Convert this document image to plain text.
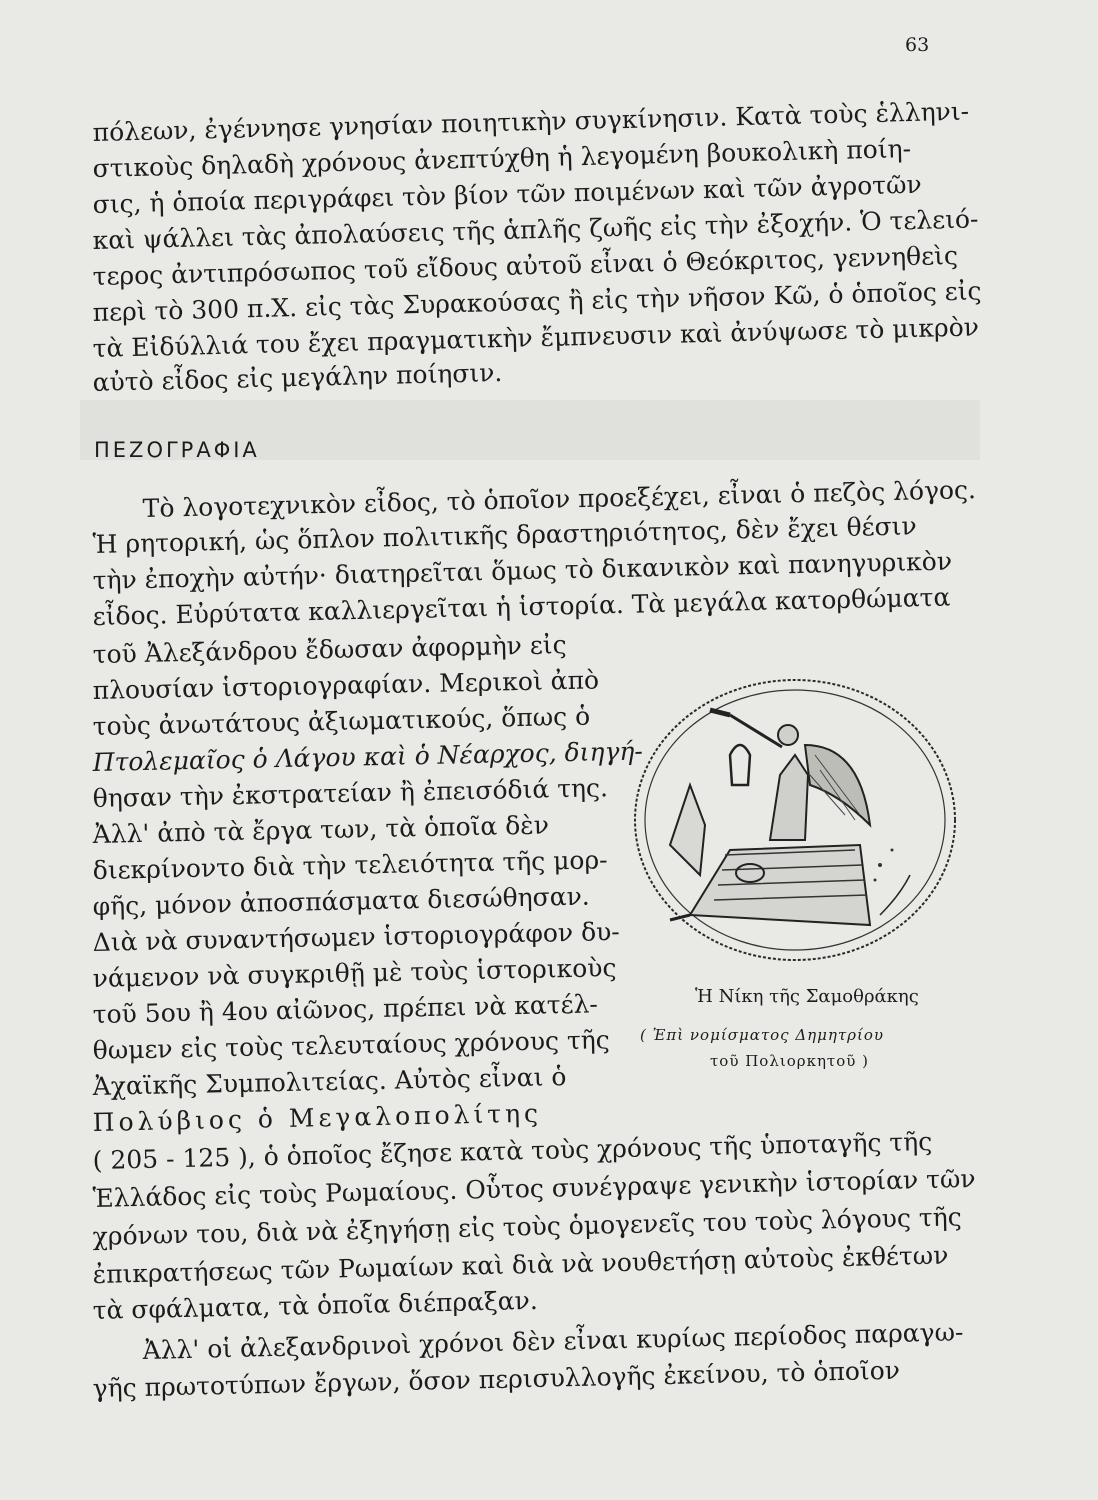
63
πόλεων, ἐγέννησε γνησίαν ποιητικὴν συγκίνησιν. Κατὰ τοὺς ἑλληνι-
στικοὺς δηλαδὴ χρόνους ἀνεπτύχθη ἡ λεγομένη βουκολικὴ ποίη-
σις, ἡ ὁποία περιγράφει τὸν βίον τῶν ποιμένων καὶ τῶν ἀγροτῶν
καὶ ψάλλει τὰς ἀπολαύσεις τῆς ἁπλῆς ζωῆς εἰς τὴν ἐξοχήν. Ὁ τελειό-
τερος ἀντιπρόσωπος τοῦ εἴδους αὐτοῦ εἶναι ὁ Θεόκριτος, γεννηθεὶς
περὶ τὸ 300 π.Χ. εἰς τὰς Συρακούσας ἢ εἰς τὴν νῆσον Κῶ, ὁ ὁποῖος εἰς
τὰ Εἰδύλλιά του ἔχει πραγματικὴν ἔμπνευσιν καὶ ἀνύψωσε τὸ μικρὸν
αὐτὸ εἶδος εἰς μεγάλην ποίησιν.
ΠΕΖΟΓΡΑΦΙΑ
Τὸ λογοτεχνικὸν εἶδος, τὸ ὁποῖον προεξέχει, εἶναι ὁ πεζὸς λόγος.
Ἡ ρητορική, ὡς ὅπλον πολιτικῆς δραστηριότητος, δὲν ἔχει θέσιν
τὴν ἐποχὴν αὐτήν· διατηρεῖται ὅμως τὸ δικανικὸν καὶ πανηγυρικὸν
εἶδος. Εὐρύτατα καλλιεργεῖται ἡ ἱστορία. Τὰ μεγάλα κατορθώματα
τοῦ Ἀλεξάνδρου ἔδωσαν ἀφορμὴν εἰς
πλουσίαν ἱστοριογραφίαν. Μερικοὶ ἀπὸ
τοὺς ἀνωτάτους ἀξιωματικούς, ὅπως ὁ
Πτολεμαῖος ὁ Λάγου καὶ ὁ Νέαρχος, διηγή-
θησαν τὴν ἐκστρατείαν ἢ ἐπεισόδιά της.
Ἀλλ' ἀπὸ τὰ ἔργα των, τὰ ὁποῖα δὲν
διεκρίνοντο διὰ τὴν τελειότητα τῆς μορ-
φῆς, μόνον ἀποσπάσματα διεσώθησαν.
Διὰ νὰ συναντήσωμεν ἱστοριογράφον δυ-
νάμενον νὰ συγκριθῇ μὲ τοὺς ἱστορικοὺς
τοῦ 5ου ἢ 4ου αἰῶνος, πρέπει νὰ κατέλ-
θωμεν εἰς τοὺς τελευταίους χρόνους τῆς
Ἀχαϊκῆς Συμπολιτείας. Αὐτὸς εἶναι ὁ
Πολύβιος ὁ Μεγαλοπολίτης
( 205 - 125 ), ὁ ὁποῖος ἔζησε κατὰ τοὺς χρόνους τῆς ὑποταγῆς τῆς
Ἑλλάδος εἰς τοὺς Ρωμαίους. Οὗτος συνέγραψε γενικὴν ἱστορίαν τῶν
χρόνων του, διὰ νὰ ἐξηγήσῃ εἰς τοὺς ὁμογενεῖς του τοὺς λόγους τῆς
ἐπικρατήσεως τῶν Ρωμαίων καὶ διὰ νὰ νουθετήσῃ αὐτοὺς ἐκθέτων
τὰ σφάλματα, τὰ ὁποῖα διέπραξαν.
Ἀλλ' οἱ ἀλεξανδρινοὶ χρόνοι δὲν εἶναι κυρίως περίοδος παραγω-
γῆς πρωτοτύπων ἔργων, ὅσον περισυλλογῆς ἐκείνου, τὸ ὁποῖον
Ἡ Νίκη τῆς Σαμοθράκης
( Ἐπὶ νομίσματος Δημητρίου
τοῦ Πολιορκητοῦ )
